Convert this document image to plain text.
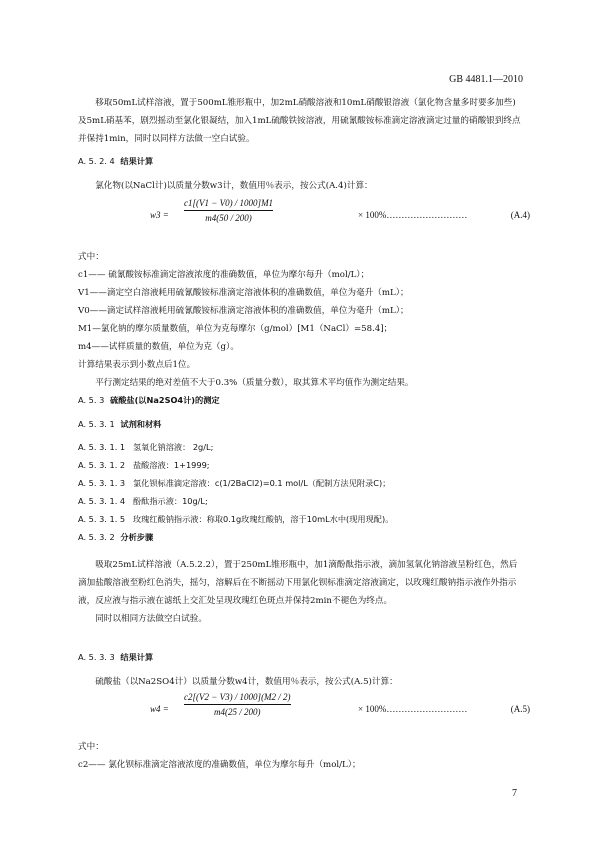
GB 4481.1—2010

移取50mL试样溶液，置于500mL锥形瓶中，加2mL硝酸溶液和10mL硝酸银溶液（氯化物含量多时要多加些)及5mL硝基苯，剧烈摇动至氯化银凝结，加入1mL硫酸铁铵溶液，用硫氰酸铵标准滴定溶液滴定过量的硝酸银到终点并保持1min，同时以同样方法做一空白试验。

A. 5. 2. 4 结果计算

氯化物(以NaCl计)以质量分数w3计，数值用％表示，按公式(A.4)计算：

w3 =
c1[(V1 − V0) / 1000]M1
m4(50 / 200)	× 100%………………………	(A.4)

式中：

c1—— 硫氰酸铵标准滴定溶液浓度的准确数值，单位为摩尔每升（mol/L）；

V1——滴定空白溶液耗用硫氰酸铵标准滴定溶液体积的准确数值，单位为毫升（mL）；

V0——滴定试样溶液耗用硫氰酸铵标准滴定溶液体积的准确数值，单位为毫升（mL）；

M1—氯化钠的摩尔质量数值，单位为克每摩尔（g/mol）[M1（NaCl）=58.4]；

m4——试样质量的数值，单位为克（g）。

计算结果表示到小数点后1位。

平行测定结果的绝对差值不大于0.3%（质量分数），取其算术平均值作为测定结果。

A. 5. 3 硫酸盐(以Na2SO4计)的测定

A. 5. 3. 1 试剂和材料

A. 5. 3. 1. 1 氢氧化钠溶液： 2g/L;

A. 5. 3. 1. 2 盐酸溶液：1+1999;

A. 5. 3. 1. 3 氯化钡标准滴定溶液：c(1/2BaCl2)=0.1 mol/L（配制方法见附录C)；

A. 5. 3. 1. 4 酚酞指示液：10g/L;

A. 5. 3. 1. 5 玫瑰红酸钠指示液：称取0.1g玫瑰红酸钠，溶于10mL水中(现用现配)。

A. 5. 3. 2 分析步骤

吸取25mL试样溶液（A.5.2.2），置于250mL锥形瓶中，加1滴酚酞指示液，滴加氢氧化钠溶液呈粉红色，然后滴加盐酸溶液至粉红色消失，摇匀，溶解后在不断摇动下用氯化钡标准滴定溶液滴定，以玫瑰红酸钠指示液作外指示液，反应液与指示液在滤纸上交汇处呈现玫瑰红色斑点并保持2min不褪色为终点。

同时以相同方法做空白试验。

A. 5. 3. 3 结果计算

硫酸盐（以Na2SO4计）以质量分数w4计，数值用％表示，按公式(A.5)计算：

w4 =
c2[(V2 − V3) / 1000](M2 / 2)
m4(25 / 200)	× 100%………………………	(A.5)

式中：

c2—— 氯化钡标准滴定溶液浓度的准确数值，单位为摩尔每升（mol/L）；

7
